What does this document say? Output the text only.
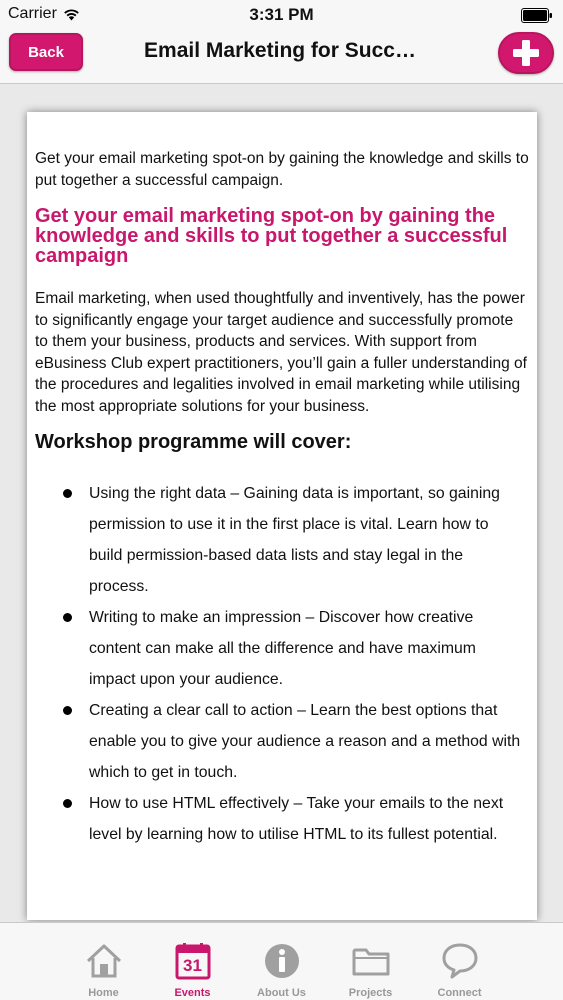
Carrier	3:31 PM
Back	Email Marketing for Succ…

Get your email marketing spot-on by gaining the knowledge and skills to put together a successful campaign.

Get your email marketing spot-on by gaining the knowledge and skills to put together a successful campaign

Email marketing, when used thoughtfully and inventively, has the power to significantly engage your target audience and successfully promote to them your business, products and services. With support from eBusiness Club expert practitioners, you’ll gain a fuller understanding of the procedures and legalities involved in email marketing while utilising the most appropriate solutions for your business.

Workshop programme will cover:
Using the right data – Gaining data is important, so gaining permission to use it in the first place is vital. Learn how to build permission-based data lists and stay legal in the process.
Writing to make an impression – Discover how creative content can make all the difference and have maximum impact upon your audience.
Creating a clear call to action – Learn the best options that enable you to give your audience a reason and a method with which to get in touch.
How to use HTML effectively – Take your emails to the next level by learning how to utilise HTML to its fullest potential.
Home
31
Events	About Us	Projects	Connect
